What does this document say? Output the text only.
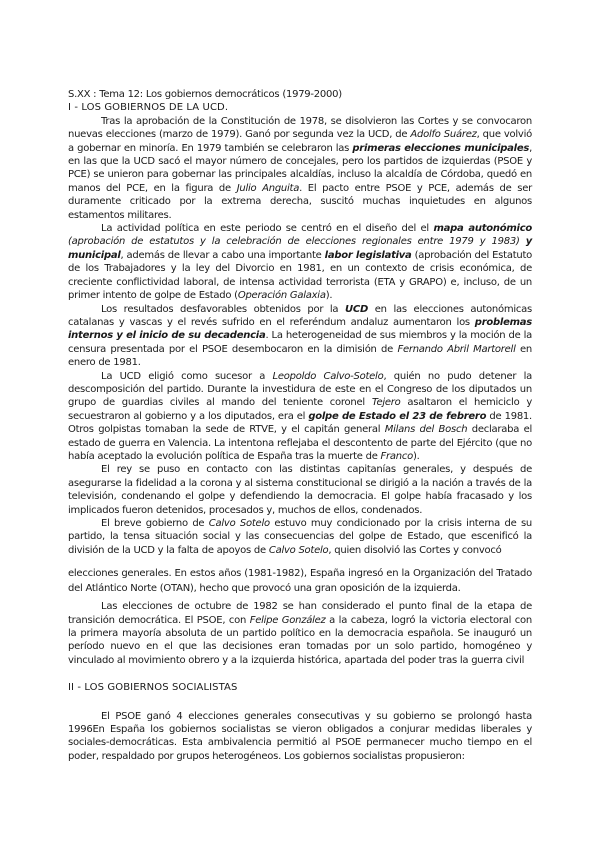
S.XX : Tema 12: Los gobiernos democráticos (1979-2000)
I - LOS GOBIERNOS DE LA UCD.

Tras la aprobación de la Constitución de 1978, se disolvieron las Cortes y se convocaron nuevas elecciones (marzo de 1979). Ganó por segunda vez la UCD, de Adolfo Suárez, que volvió a gobernar en minoría. En 1979 también se celebraron las primeras elecciones municipales, en las que la UCD sacó el mayor número de concejales, pero los partidos de izquierdas (PSOE y PCE) se unieron para gobernar las principales alcaldías, incluso la alcaldía de Córdoba, quedó en manos del PCE, en la figura de Julio Anguita. El pacto entre PSOE y PCE, además de ser duramente criticado por la extrema derecha, suscitó muchas inquietudes en algunos estamentos militares.

La actividad política en este periodo se centró en el diseño del el mapa autonómico (aprobación de estatutos y la celebración de elecciones regionales entre 1979 y 1983) y municipal, además de llevar a cabo una importante labor legislativa (aprobación del Estatuto de los Trabajadores y la ley del Divorcio en 1981, en un contexto de crisis económica, de creciente conflictividad laboral, de intensa actividad terrorista (ETA y GRAPO) e, incluso, de un primer intento de golpe de Estado (Operación Galaxia).

Los resultados desfavorables obtenidos por la UCD en las elecciones autonómicas catalanas y vascas y el revés sufrido en el referéndum andaluz aumentaron los problemas internos y el inicio de su decadencia. La heterogeneidad de sus miembros y la moción de la censura presentada por el PSOE desembocaron en la dimisión de Fernando Abril Martorell en enero de 1981.

La UCD eligió como sucesor a Leopoldo Calvo-Sotelo, quién no pudo detener la descomposición del partido. Durante la investidura de este en el Congreso de los diputados un grupo de guardias civiles al mando del teniente coronel Tejero asaltaron el hemiciclo y secuestraron al gobierno y a los diputados, era el golpe de Estado el 23 de febrero de 1981. Otros golpistas tomaban la sede de RTVE, y el capitán general Milans del Bosch declaraba el estado de guerra en Valencia. La intentona reflejaba el descontento de parte del Ejército (que no había aceptado la evolución política de España tras la muerte de Franco).

El rey se puso en contacto con las distintas capitanías generales, y después de asegurarse la fidelidad a la corona y al sistema constitucional se dirigió a la nación a través de la televisión, condenando el golpe y defendiendo la democracia. El golpe había fracasado y los implicados fueron detenidos, procesados y, muchos de ellos, condenados.

El breve gobierno de Calvo Sotelo estuvo muy condicionado por la crisis interna de su partido, la tensa situación social y las consecuencias del golpe de Estado, que escenificó la división de la UCD y la falta de apoyos de Calvo Sotelo, quien disolvió las Cortes y convocó

elecciones generales. En estos años (1981-1982), España ingresó en la Organización del Tratado del Atlántico Norte (OTAN), hecho que provocó una gran oposición de la izquierda.

Las elecciones de octubre de 1982 se han considerado el punto final de la etapa de transición democrática. El PSOE, con Felipe González a la cabeza, logró la victoria electoral con la primera mayoría absoluta de un partido político en la democracia española. Se inauguró un período nuevo en el que las decisiones eran tomadas por un solo partido, homogéneo y vinculado al movimiento obrero y a la izquierda histórica, apartada del poder tras la guerra civil

II - LOS GOBIERNOS SOCIALISTAS

El PSOE ganó 4 elecciones generales consecutivas y su gobierno se prolongó hasta 1996En España los gobiernos socialistas se vieron obligados a conjurar medidas liberales y sociales-democráticas. Esta ambivalencia permitió al PSOE permanecer mucho tiempo en el poder, respaldado por grupos heterogéneos. Los gobiernos socialistas propusieron:
